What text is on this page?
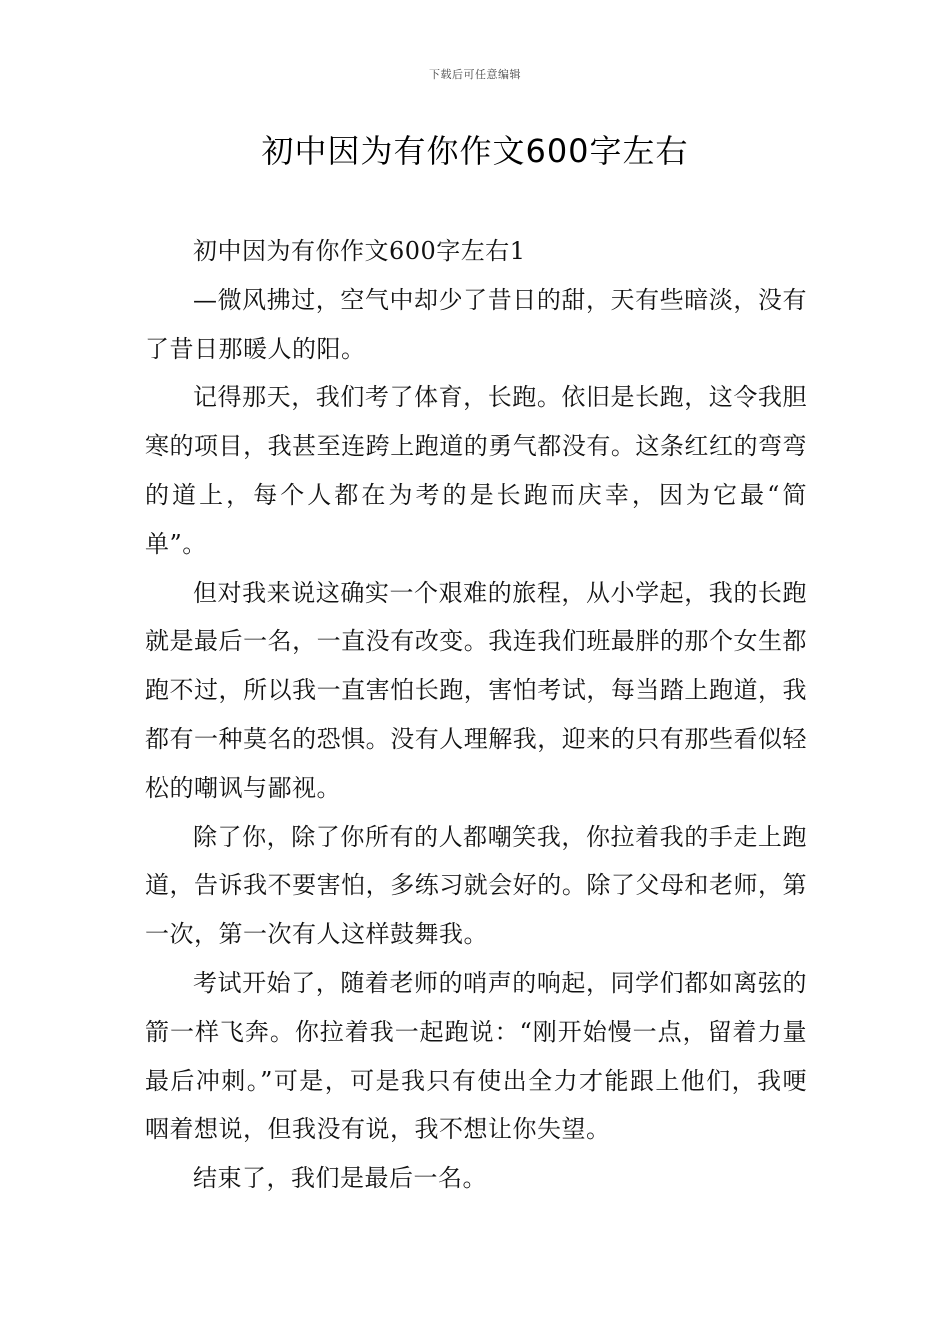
下载后可任意编辑
初中因为有你作文600字左右

初中因为有你作文600字左右1

—微风拂过，空气中却少了昔日的甜，天有些暗淡，没有了昔日那暖人的阳。

记得那天，我们考了体育，长跑。依旧是长跑，这令我胆寒的项目，我甚至连跨上跑道的勇气都没有。这条红红的弯弯的道上，每个人都在为考的是长跑而庆幸，因为它最“简单”。

但对我来说这确实一个艰难的旅程，从小学起，我的长跑就是最后一名，一直没有改变。我连我们班最胖的那个女生都跑不过，所以我一直害怕长跑，害怕考试，每当踏上跑道，我都有一种莫名的恐惧。没有人理解我，迎来的只有那些看似轻松的嘲讽与鄙视。

除了你，除了你所有的人都嘲笑我，你拉着我的手走上跑道，告诉我不要害怕，多练习就会好的。除了父母和老师，第一次，第一次有人这样鼓舞我。

考试开始了，随着老师的哨声的响起，同学们都如离弦的箭一样飞奔。你拉着我一起跑说：“刚开始慢一点，留着力量最后冲刺。”可是，可是我只有使出全力才能跟上他们，我哽咽着想说，但我没有说，我不想让你失望。

结束了，我们是最后一名。
